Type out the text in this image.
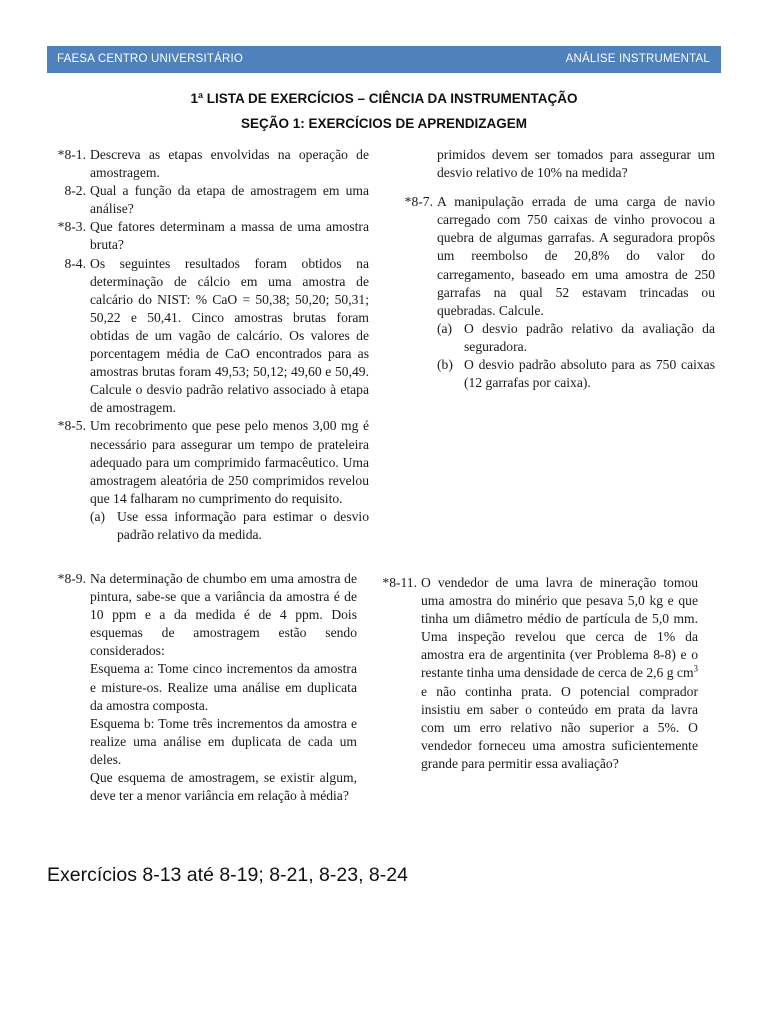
FAESA CENTRO UNIVERSITÁRIO	ANÁLISE INSTRUMENTAL
1ª LISTA DE EXERCÍCIOS – CIÊNCIA DA INSTRUMENTAÇÃO
SEÇÃO 1: EXERCÍCIOS DE APRENDIZAGEM
*8-1. Descreva as etapas envolvidas na operação de amostragem.
8-2. Qual a função da etapa de amostragem em uma análise?
*8-3. Que fatores determinam a massa de uma amostra bruta?
8-4. Os seguintes resultados foram obtidos na determinação de cálcio em uma amostra de calcário do NIST: % CaO = 50,38; 50,20; 50,31; 50,22 e 50,41. Cinco amostras brutas foram obtidas de um vagão de calcário. Os valores de porcentagem média de CaO encontrados para as amostras brutas foram 49,53; 50,12; 49,60 e 50,49. Calcule o desvio padrão relativo associado à etapa de amostragem.
*8-5. Um recobrimento que pese pelo menos 3,00 mg é necessário para assegurar um tempo de prateleira adequado para um comprimido farmacêutico. Uma amostragem aleatória de 250 comprimidos revelou que 14 falharam no cumprimento do requisito.
(a) Use essa informação para estimar o desvio padrão relativo da medida.
primidos devem ser tomados para assegurar um desvio relativo de 10% na medida?
*8-7. A manipulação errada de uma carga de navio carregado com 750 caixas de vinho provocou a quebra de algumas garrafas. A seguradora propôs um reembolso de 20,8% do valor do carregamento, baseado em uma amostra de 250 garrafas na qual 52 estavam trincadas ou quebradas. Calcule.
(a) O desvio padrão relativo da avaliação da seguradora.
(b) O desvio padrão absoluto para as 750 caixas (12 garrafas por caixa).
*8-9. Na determinação de chumbo em uma amostra de pintura, sabe-se que a variância da amostra é de 10 ppm e a da medida é de 4 ppm. Dois esquemas de amostragem estão sendo considerados:
Esquema a: Tome cinco incrementos da amostra e misture-os. Realize uma análise em duplicata da amostra composta.
Esquema b: Tome três incrementos da amostra e realize uma análise em duplicata de cada um deles.
Que esquema de amostragem, se existir algum, deve ter a menor variância em relação à média?
*8-11. O vendedor de uma lavra de mineração tomou uma amostra do minério que pesava 5,0 kg e que tinha um diâmetro médio de partícula de 5,0 mm. Uma inspeção revelou que cerca de 1% da amostra era de argentinita (ver Problema 8-8) e o restante tinha uma densidade de cerca de 2,6 g $cm^3$ e não continha prata. O potencial comprador insistiu em saber o conteúdo em prata da lavra com um erro relativo não superior a 5%. O vendedor forneceu uma amostra suficientemente grande para permitir essa avaliação?
Exercícios 8-13 até 8-19; 8-21, 8-23, 8-24
